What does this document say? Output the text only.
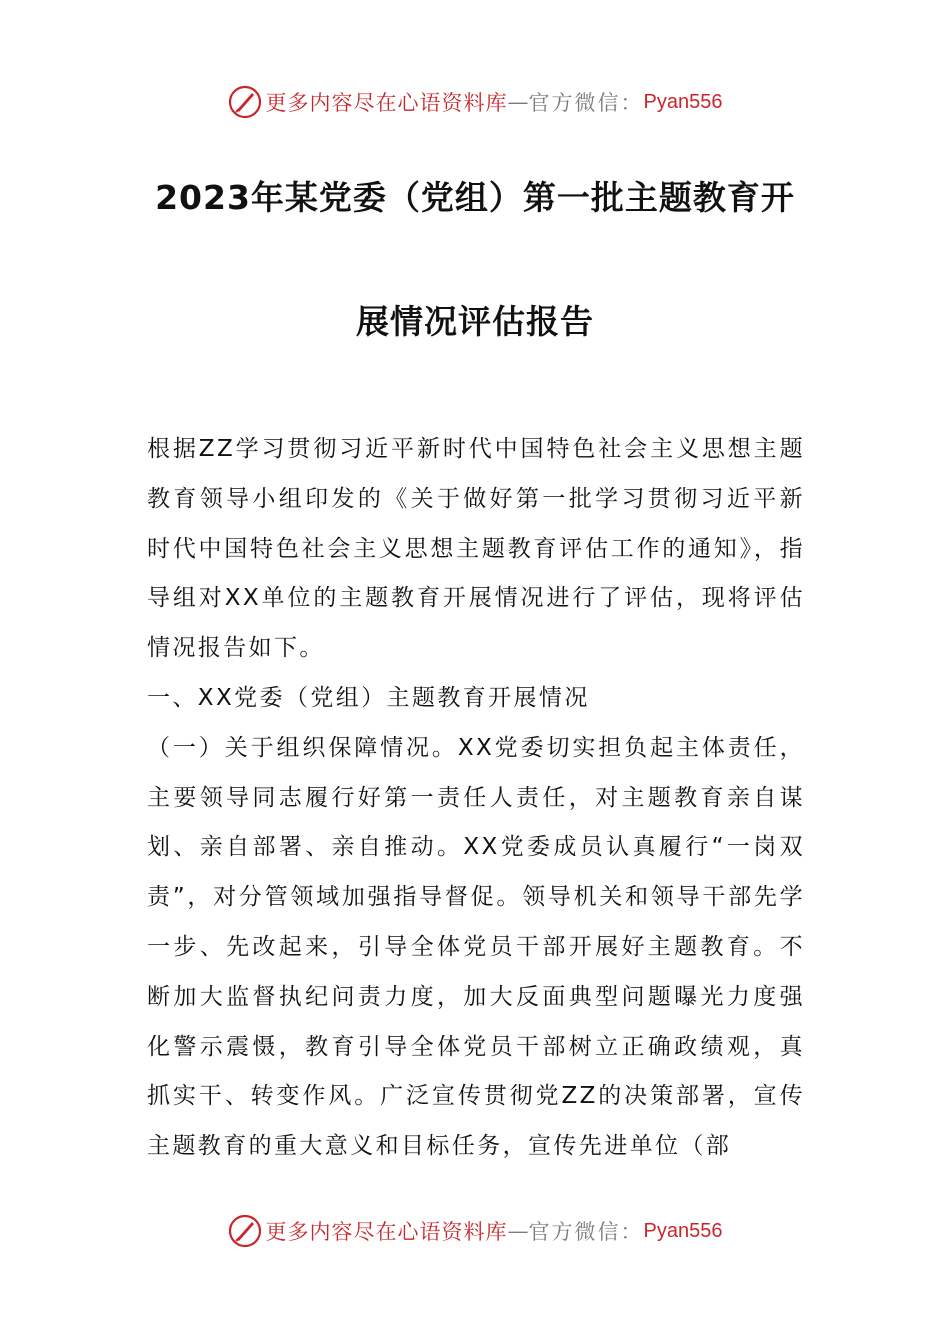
更多内容尽在心语资料库 — 官方微信： Pyan556
2023年某党委（党组）第一批主题教育开
展情况评估报告

根据ZZ学习贯彻习近平新时代中国特色社会主义思想主题教育领导小组印发的《关于做好第一批学习贯彻习近平新时代中国特色社会主义思想主题教育评估工作的通知》，指导组对XX单位的主题教育开展情况进行了评估，现将评估情况报告如下。

一、XX党委（党组）主题教育开展情况

（一）关于组织保障情况。XX党委切实担负起主体责任，主要领导同志履行好第一责任人责任，对主题教育亲自谋划、亲自部署、亲自推动。XX党委成员认真履行“一岗双责”，对分管领域加强指导督促。领导机关和领导干部先学一步、先改起来，引导全体党员干部开展好主题教育。不断加大监督执纪问责力度，加大反面典型问题曝光力度强化警示震慑，教育引导全体党员干部树立正确政绩观，真抓实干、转变作风。广泛宣传贯彻党ZZ的决策部署，宣传主题教育的重大意义和目标任务，宣传先进单位（部

更多内容尽在心语资料库 — 官方微信： Pyan556
